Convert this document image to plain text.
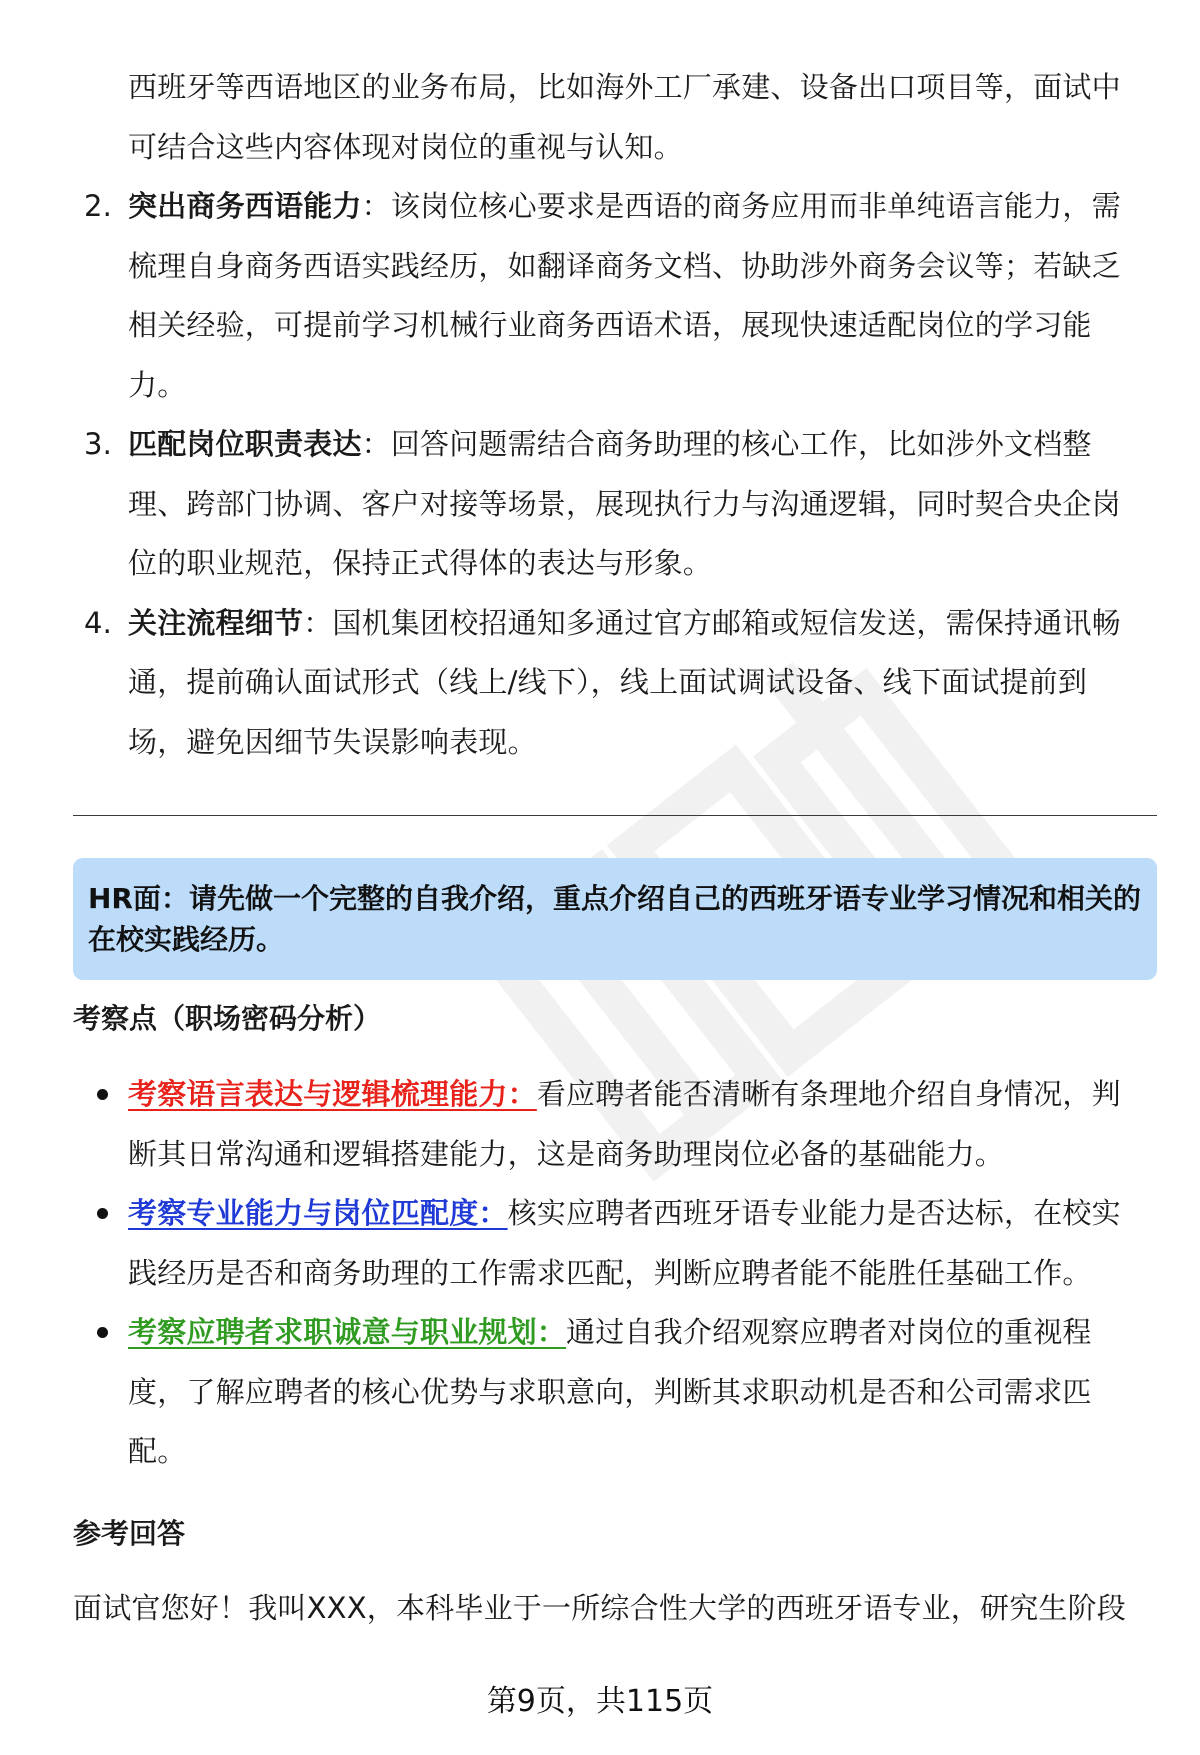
西班牙等西语地区的业务布局，比如海外工厂承建、设备出口项目等，面试中可结合这些内容体现对岗位的重视与认知。
2. 突出商务西语能力：该岗位核心要求是西语的商务应用而非单纯语言能力，需梳理自身商务西语实践经历，如翻译商务文档、协助涉外商务会议等；若缺乏相关经验，可提前学习机械行业商务西语术语，展现快速适配岗位的学习能力。
3. 匹配岗位职责表达：回答问题需结合商务助理的核心工作，比如涉外文档整理、跨部门协调、客户对接等场景，展现执行力与沟通逻辑，同时契合央企岗位的职业规范，保持正式得体的表达与形象。
4. 关注流程细节：国机集团校招通知多通过官方邮箱或短信发送，需保持通讯畅通，提前确认面试形式（线上/线下），线上面试调试设备、线下面试提前到场，避免因细节失误影响表现。
HR面：请先做一个完整的自我介绍，重点介绍自己的西班牙语专业学习情况和相关的在校实践经历。
考察点（职场密码分析）
考察语言表达与逻辑梳理能力：看应聘者能否清晰有条理地介绍自身情况，判断其日常沟通和逻辑搭建能力，这是商务助理岗位必备的基础能力。
考察专业能力与岗位匹配度：核实应聘者西班牙语专业能力是否达标，在校实践经历是否和商务助理的工作需求匹配，判断应聘者能不能胜任基础工作。
考察应聘者求职诚意与职业规划：通过自我介绍观察应聘者对岗位的重视程度，了解应聘者的核心优势与求职意向，判断其求职动机是否和公司需求匹配。
参考回答
面试官您好！我叫XXX，本科毕业于一所综合性大学的西班牙语专业，研究生阶段
第9页，共115页
